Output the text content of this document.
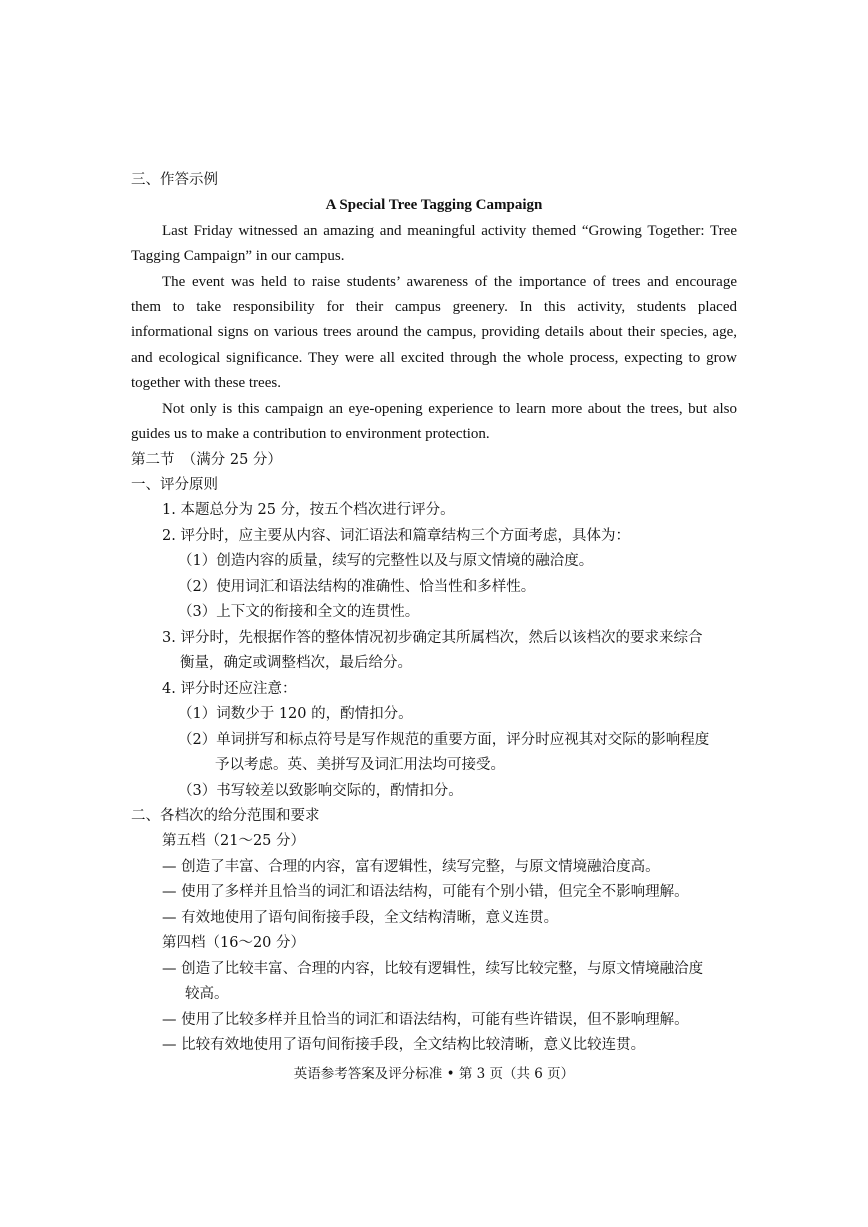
三、作答示例
A Special Tree Tagging Campaign
Last Friday witnessed an amazing and meaningful activity themed “Growing Together: Tree
Tagging Campaign” in our campus.
The event was held to raise students’ awareness of the importance of trees and encourage
them to take responsibility for their campus greenery. In this activity, students placed
informational signs on various trees around the campus, providing details about their species, age,
and ecological significance. They were all excited through the whole process, expecting to grow
together with these trees.
Not only is this campaign an eye-opening experience to learn more about the trees, but also
guides us to make a contribution to environment protection.
第二节　（满分 25 分）
一、评分原则
1. 本题总分为 25 分，按五个档次进行评分。
2. 评分时，应主要从内容、词汇语法和篇章结构三个方面考虑，具体为：
（1）创造内容的质量，续写的完整性以及与原文情境的融洽度。
（2）使用词汇和语法结构的准确性、恰当性和多样性。
（3）上下文的衔接和全文的连贯性。
3. 评分时，先根据作答的整体情况初步确定其所属档次，然后以该档次的要求来综合
衡量，确定或调整档次，最后给分。
4. 评分时还应注意：
（1）词数少于 120 的，酌情扣分。
（2）单词拼写和标点符号是写作规范的重要方面，评分时应视其对交际的影响程度
予以考虑。英、美拼写及词汇用法均可接受。
（3）书写较差以致影响交际的，酌情扣分。
二、各档次的给分范围和要求
第五档（21～25 分）
— 创造了丰富、合理的内容，富有逻辑性，续写完整，与原文情境融洽度高。
— 使用了多样并且恰当的词汇和语法结构，可能有个别小错，但完全不影响理解。
— 有效地使用了语句间衔接手段，全文结构清晰，意义连贯。
第四档（16～20 分）
— 创造了比较丰富、合理的内容，比较有逻辑性，续写比较完整，与原文情境融洽度
较高。
— 使用了比较多样并且恰当的词汇和语法结构，可能有些许错误，但不影响理解。
— 比较有效地使用了语句间衔接手段，全文结构比较清晰，意义比较连贯。
英语参考答案及评分标准 • 第 3 页（共 6 页）
